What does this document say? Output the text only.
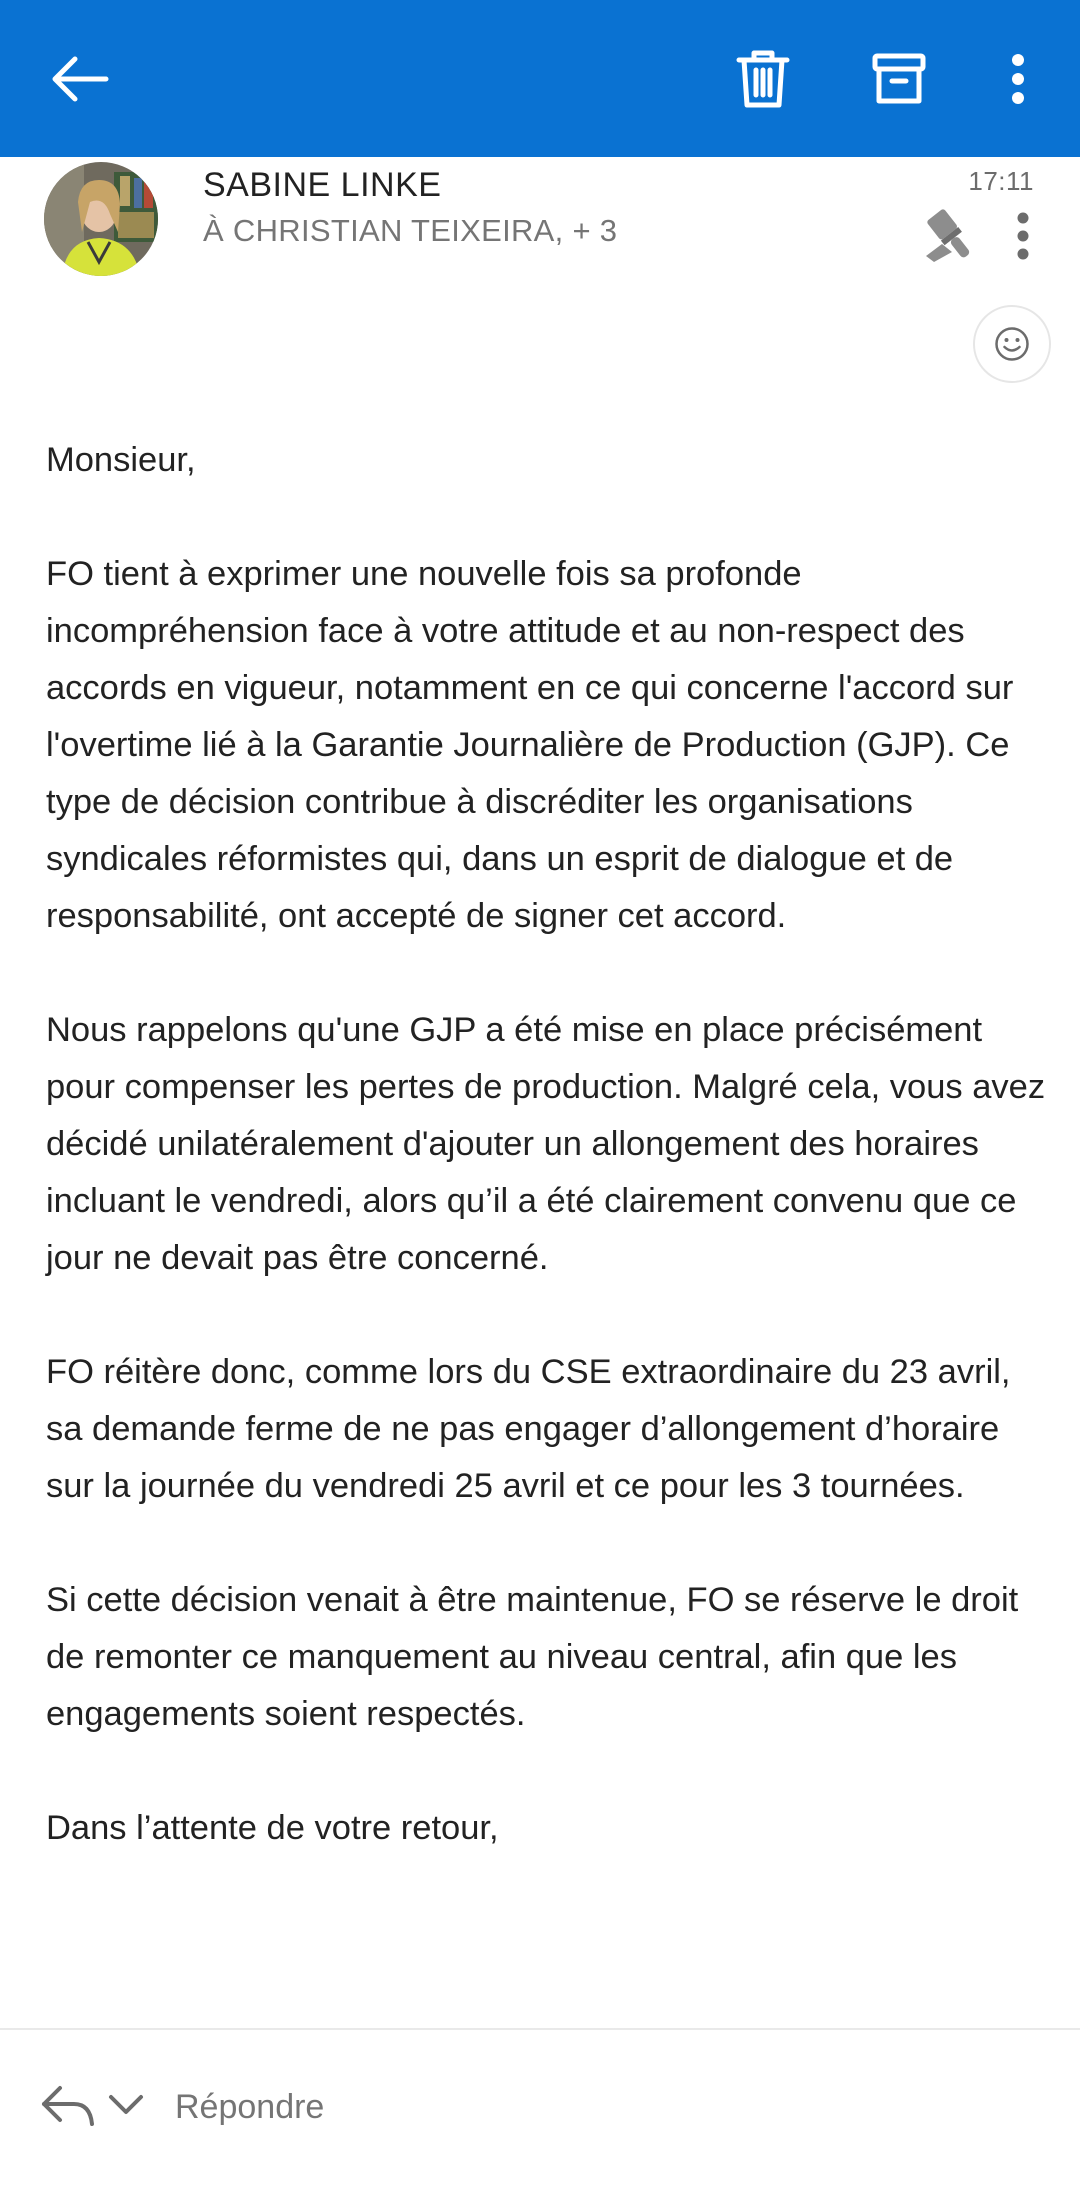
SABINE LINKE
À CHRISTIAN TEIXEIRA, + 3
17:11

Monsieur,

FO tient à exprimer une nouvelle fois sa profonde incompréhension face à votre attitude et au non-respect des accords en vigueur, notamment en ce qui concerne l'accord sur l'overtime lié à la Garantie Journalière de Production (GJP). Ce type de décision contribue à discréditer les organisations syndicales réformistes qui, dans un esprit de dialogue et de responsabilité, ont accepté de signer cet accord.

Nous rappelons qu'une GJP a été mise en place précisément pour compenser les pertes de production. Malgré cela, vous avez décidé unilatéralement d'ajouter un allongement des horaires incluant le vendredi, alors qu’il a été clairement convenu que ce jour ne devait pas être concerné.

FO réitère donc, comme lors du CSE extraordinaire du 23 avril, sa demande ferme de ne pas engager d’allongement d’horaire sur la journée du vendredi 25 avril et ce pour les 3 tournées.

Si cette décision venait à être maintenue, FO se réserve le droit de remonter ce manquement au niveau central, afin que les engagements soient respectés.

Dans l’attente de votre retour,

Répondre
